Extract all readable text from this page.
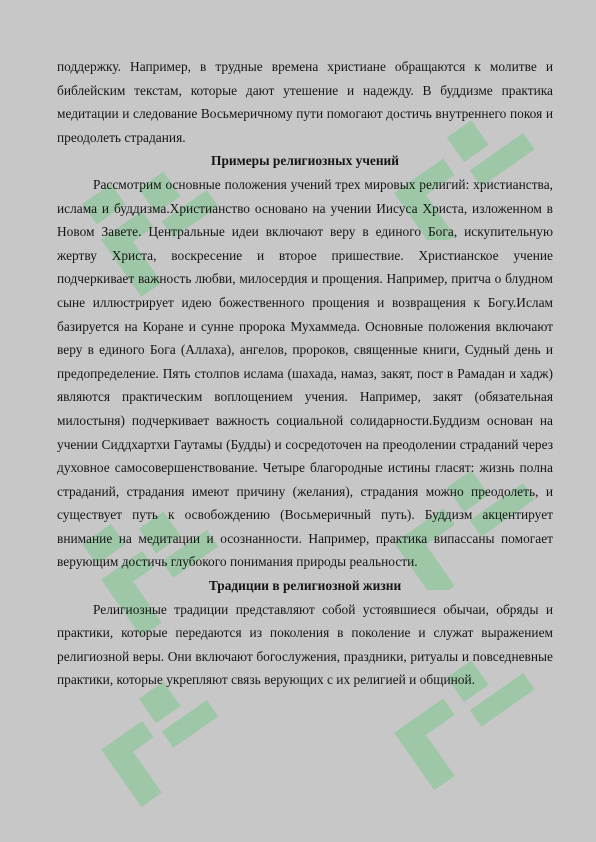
поддержку. Например, в трудные времена христиане обращаются к молитве и библейским текстам, которые дают утешение и надежду. В буддизме практика медитации и следование Восьмеричному пути помогают достичь внутреннего покоя и преодолеть страдания.

Примеры религиозных учений

Рассмотрим основные положения учений трех мировых религий: христианства, ислама и буддизма.Христианство основано на учении Иисуса Христа, изложенном в Новом Завете. Центральные идеи включают веру в единого Бога, искупительную жертву Христа, воскресение и второе пришествие. Христианское учение подчеркивает важность любви, милосердия и прощения. Например, притча о блудном сыне иллюстрирует идею божественного прощения и возвращения к Богу.Ислам базируется на Коране и сунне пророка Мухаммеда. Основные положения включают веру в единого Бога (Аллаха), ангелов, пророков, священные книги, Судный день и предопределение. Пять столпов ислама (шахада, намаз, закят, пост в Рамадан и хадж) являются практическим воплощением учения. Например, закят (обязательная милостыня) подчеркивает важность социальной солидарности.Буддизм основан на учении Сиддхартхи Гаутамы (Будды) и сосредоточен на преодолении страданий через духовное самосовершенствование. Четыре благородные истины гласят: жизнь полна страданий, страдания имеют причину (желания), страдания можно преодолеть, и существует путь к освобождению (Восьмеричный путь). Буддизм акцентирует внимание на медитации и осознанности. Например, практика випассаны помогает верующим достичь глубокого понимания природы реальности.

Традиции в религиозной жизни

Религиозные традиции представляют собой устоявшиеся обычаи, обряды и практики, которые передаются из поколения в поколение и служат выражением религиозной веры. Они включают богослужения, праздники, ритуалы и повседневные практики, которые укрепляют связь верующих с их религией и общиной.
